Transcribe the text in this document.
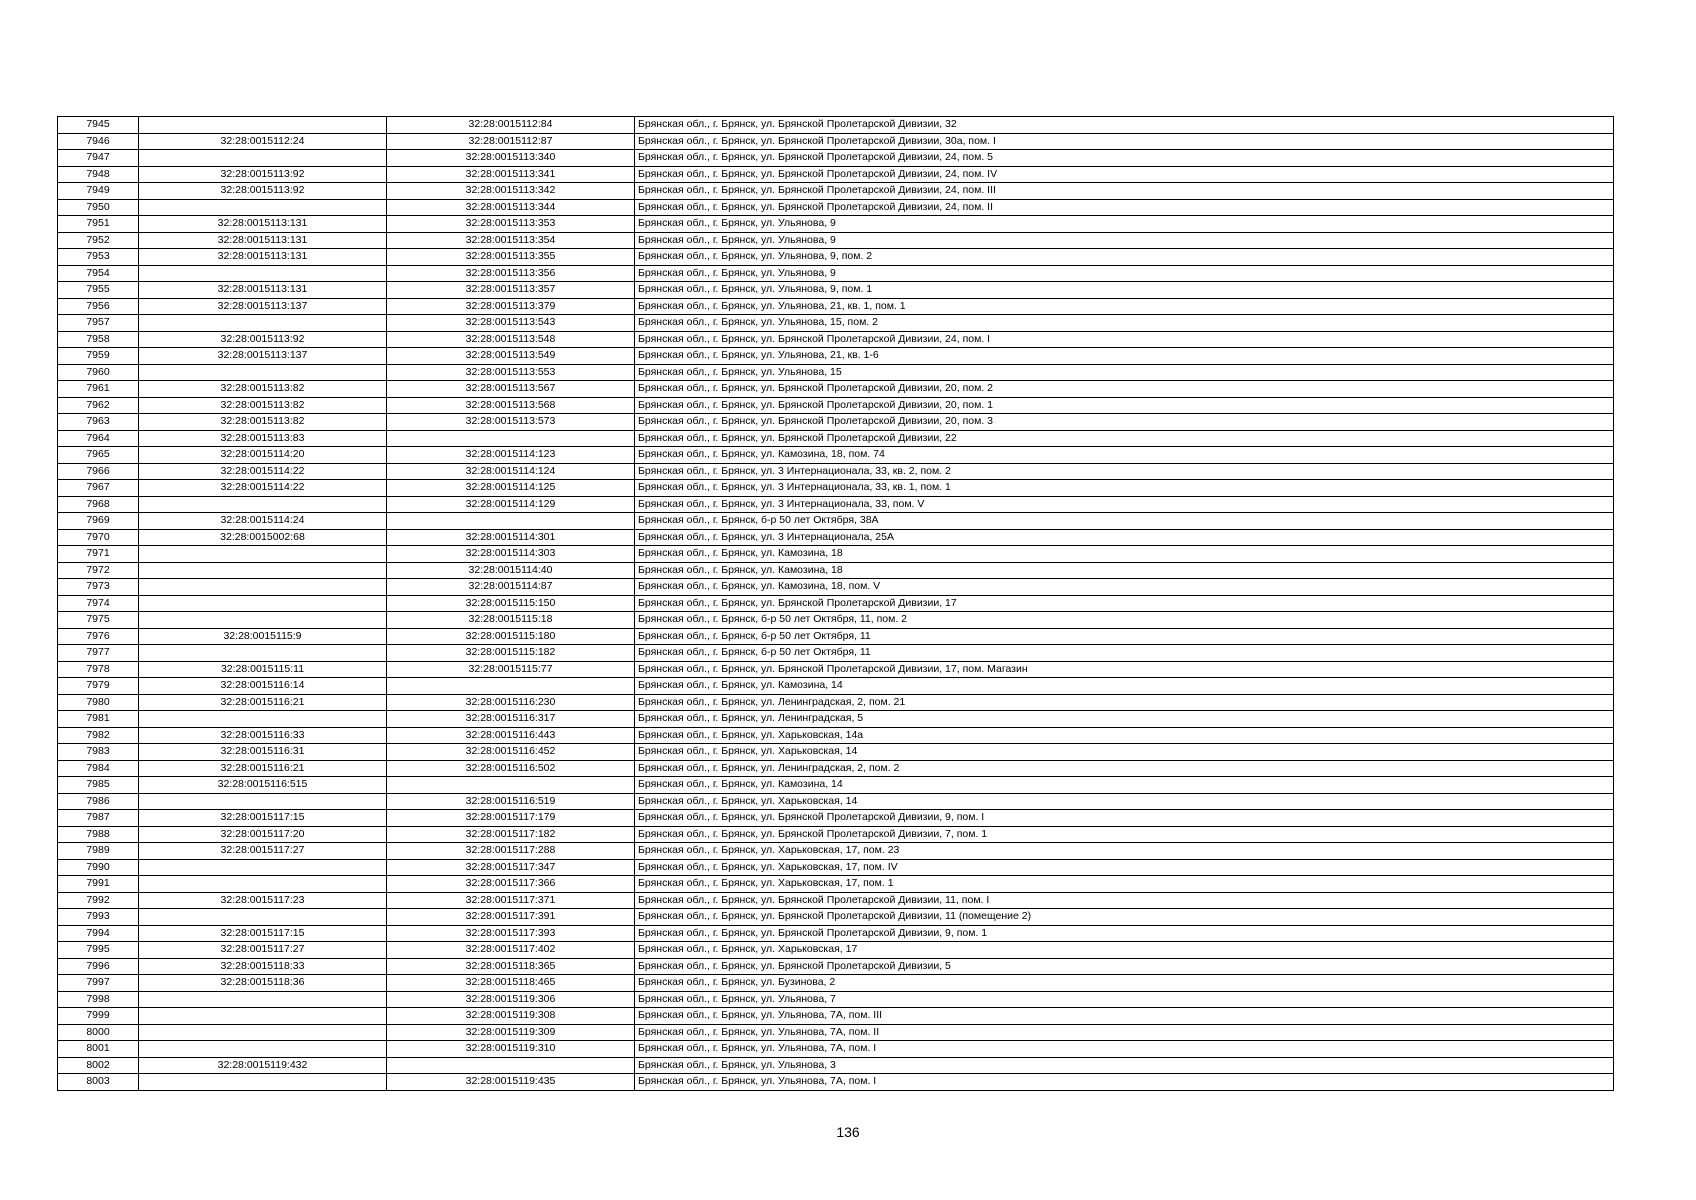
7945		32:28:0015112:84	Брянская обл., г. Брянск, ул. Брянской Пролетарской Дивизии, 32
7946	32:28:0015112:24	32:28:0015112:87	Брянская обл., г. Брянск, ул. Брянской Пролетарской Дивизии, 30а, пом. I
7947		32:28:0015113:340	Брянская обл., г. Брянск, ул. Брянской Пролетарской Дивизии, 24, пом. 5
7948	32:28:0015113:92	32:28:0015113:341	Брянская обл., г. Брянск, ул. Брянской Пролетарской Дивизии, 24, пом. IV
7949	32:28:0015113:92	32:28:0015113:342	Брянская обл., г. Брянск, ул. Брянской Пролетарской Дивизии, 24, пом. III
7950		32:28:0015113:344	Брянская обл., г. Брянск, ул. Брянской Пролетарской Дивизии, 24, пом. II
7951	32:28:0015113:131	32:28:0015113:353	Брянская обл., г. Брянск, ул. Ульянова, 9
7952	32:28:0015113:131	32:28:0015113:354	Брянская обл., г. Брянск, ул. Ульянова, 9
7953	32:28:0015113:131	32:28:0015113:355	Брянская обл., г. Брянск, ул. Ульянова, 9, пом. 2
7954		32:28:0015113:356	Брянская обл., г. Брянск, ул. Ульянова, 9
7955	32:28:0015113:131	32:28:0015113:357	Брянская обл., г. Брянск, ул. Ульянова, 9, пом. 1
7956	32:28:0015113:137	32:28:0015113:379	Брянская обл., г. Брянск, ул. Ульянова, 21, кв. 1, пом. 1
7957		32:28:0015113:543	Брянская обл., г. Брянск, ул. Ульянова, 15, пом. 2
7958	32:28:0015113:92	32:28:0015113:548	Брянская обл., г. Брянск, ул. Брянской Пролетарской Дивизии, 24, пом. I
7959	32:28:0015113:137	32:28:0015113:549	Брянская обл., г. Брянск, ул. Ульянова, 21, кв. 1-6
7960		32:28:0015113:553	Брянская обл., г. Брянск, ул. Ульянова, 15
7961	32:28:0015113:82	32:28:0015113:567	Брянская обл., г. Брянск, ул. Брянской Пролетарской Дивизии, 20, пом. 2
7962	32:28:0015113:82	32:28:0015113:568	Брянская обл., г. Брянск, ул. Брянской Пролетарской Дивизии, 20, пом. 1
7963	32:28:0015113:82	32:28:0015113:573	Брянская обл., г. Брянск, ул. Брянской Пролетарской Дивизии, 20, пом. 3
7964	32:28:0015113:83		Брянская обл., г. Брянск, ул. Брянской Пролетарской Дивизии, 22
7965	32:28:0015114:20	32:28:0015114:123	Брянская обл., г. Брянск, ул. Камозина, 18, пом. 74
7966	32:28:0015114:22	32:28:0015114:124	Брянская обл., г. Брянск, ул. 3 Интернационала, 33, кв. 2, пом. 2
7967	32:28:0015114:22	32:28:0015114:125	Брянская обл., г. Брянск, ул. 3 Интернационала, 33, кв. 1, пом. 1
7968		32:28:0015114:129	Брянская обл., г. Брянск, ул. 3 Интернационала, 33, пом. V
7969	32:28:0015114:24		Брянская обл., г. Брянск, б-р 50 лет Октября, 38А
7970	32:28:0015002:68	32:28:0015114:301	Брянская обл., г. Брянск, ул. 3 Интернационала, 25А
7971		32:28:0015114:303	Брянская обл., г. Брянск, ул. Камозина, 18
7972		32:28:0015114:40	Брянская обл., г. Брянск, ул. Камозина, 18
7973		32:28:0015114:87	Брянская обл., г. Брянск, ул. Камозина, 18, пом. V
7974		32:28:0015115:150	Брянская обл., г. Брянск, ул. Брянской Пролетарской Дивизии, 17
7975		32:28:0015115:18	Брянская обл., г. Брянск, б-р 50 лет Октября, 11, пом. 2
7976	32:28:0015115:9	32:28:0015115:180	Брянская обл., г. Брянск, б-р 50 лет Октября, 11
7977		32:28:0015115:182	Брянская обл., г. Брянск, б-р 50 лет Октября, 11
7978	32:28:0015115:11	32:28:0015115:77	Брянская обл., г. Брянск, ул. Брянской Пролетарской Дивизии, 17, пом. Магазин
7979	32:28:0015116:14		Брянская обл., г. Брянск, ул. Камозина, 14
7980	32:28:0015116:21	32:28:0015116:230	Брянская обл., г. Брянск, ул. Ленинградская, 2, пом. 21
7981		32:28:0015116:317	Брянская обл., г. Брянск, ул. Ленинградская, 5
7982	32:28:0015116:33	32:28:0015116:443	Брянская обл., г. Брянск, ул. Харьковская, 14а
7983	32:28:0015116:31	32:28:0015116:452	Брянская обл., г. Брянск, ул. Харьковская, 14
7984	32:28:0015116:21	32:28:0015116:502	Брянская обл., г. Брянск, ул. Ленинградская, 2, пом. 2
7985	32:28:0015116:515		Брянская обл., г. Брянск, ул. Камозина, 14
7986		32:28:0015116:519	Брянская обл., г. Брянск, ул. Харьковская, 14
7987	32:28:0015117:15	32:28:0015117:179	Брянская обл., г. Брянск, ул. Брянской Пролетарской Дивизии, 9, пом. I
7988	32:28:0015117:20	32:28:0015117:182	Брянская обл., г. Брянск, ул. Брянской Пролетарской Дивизии, 7, пом. 1
7989	32:28:0015117:27	32:28:0015117:288	Брянская обл., г. Брянск, ул. Харьковская, 17, пом. 23
7990		32:28:0015117:347	Брянская обл., г. Брянск, ул. Харьковская, 17, пом. IV
7991		32:28:0015117:366	Брянская обл., г. Брянск, ул. Харьковская, 17, пом. 1
7992	32:28:0015117:23	32:28:0015117:371	Брянская обл., г. Брянск, ул. Брянской Пролетарской Дивизии, 11, пом. I
7993		32:28:0015117:391	Брянская обл., г. Брянск, ул. Брянской Пролетарской Дивизии, 11 (помещение 2)
7994	32:28:0015117:15	32:28:0015117:393	Брянская обл., г. Брянск, ул. Брянской Пролетарской Дивизии, 9, пом. 1
7995	32:28:0015117:27	32:28:0015117:402	Брянская обл., г. Брянск, ул. Харьковская, 17
7996	32:28:0015118:33	32:28:0015118:365	Брянская обл., г. Брянск, ул. Брянской Пролетарской Дивизии, 5
7997	32:28:0015118:36	32:28:0015118:465	Брянская обл., г. Брянск, ул. Бузинова, 2
7998		32:28:0015119:306	Брянская обл., г. Брянск, ул. Ульянова, 7
7999		32:28:0015119:308	Брянская обл., г. Брянск, ул. Ульянова, 7А, пом. III
8000		32:28:0015119:309	Брянская обл., г. Брянск, ул. Ульянова, 7А, пом. II
8001		32:28:0015119:310	Брянская обл., г. Брянск, ул. Ульянова, 7А, пом. I
8002	32:28:0015119:432		Брянская обл., г. Брянск, ул. Ульянова, 3
8003		32:28:0015119:435	Брянская обл., г. Брянск, ул. Ульянова, 7А, пом. I
136
